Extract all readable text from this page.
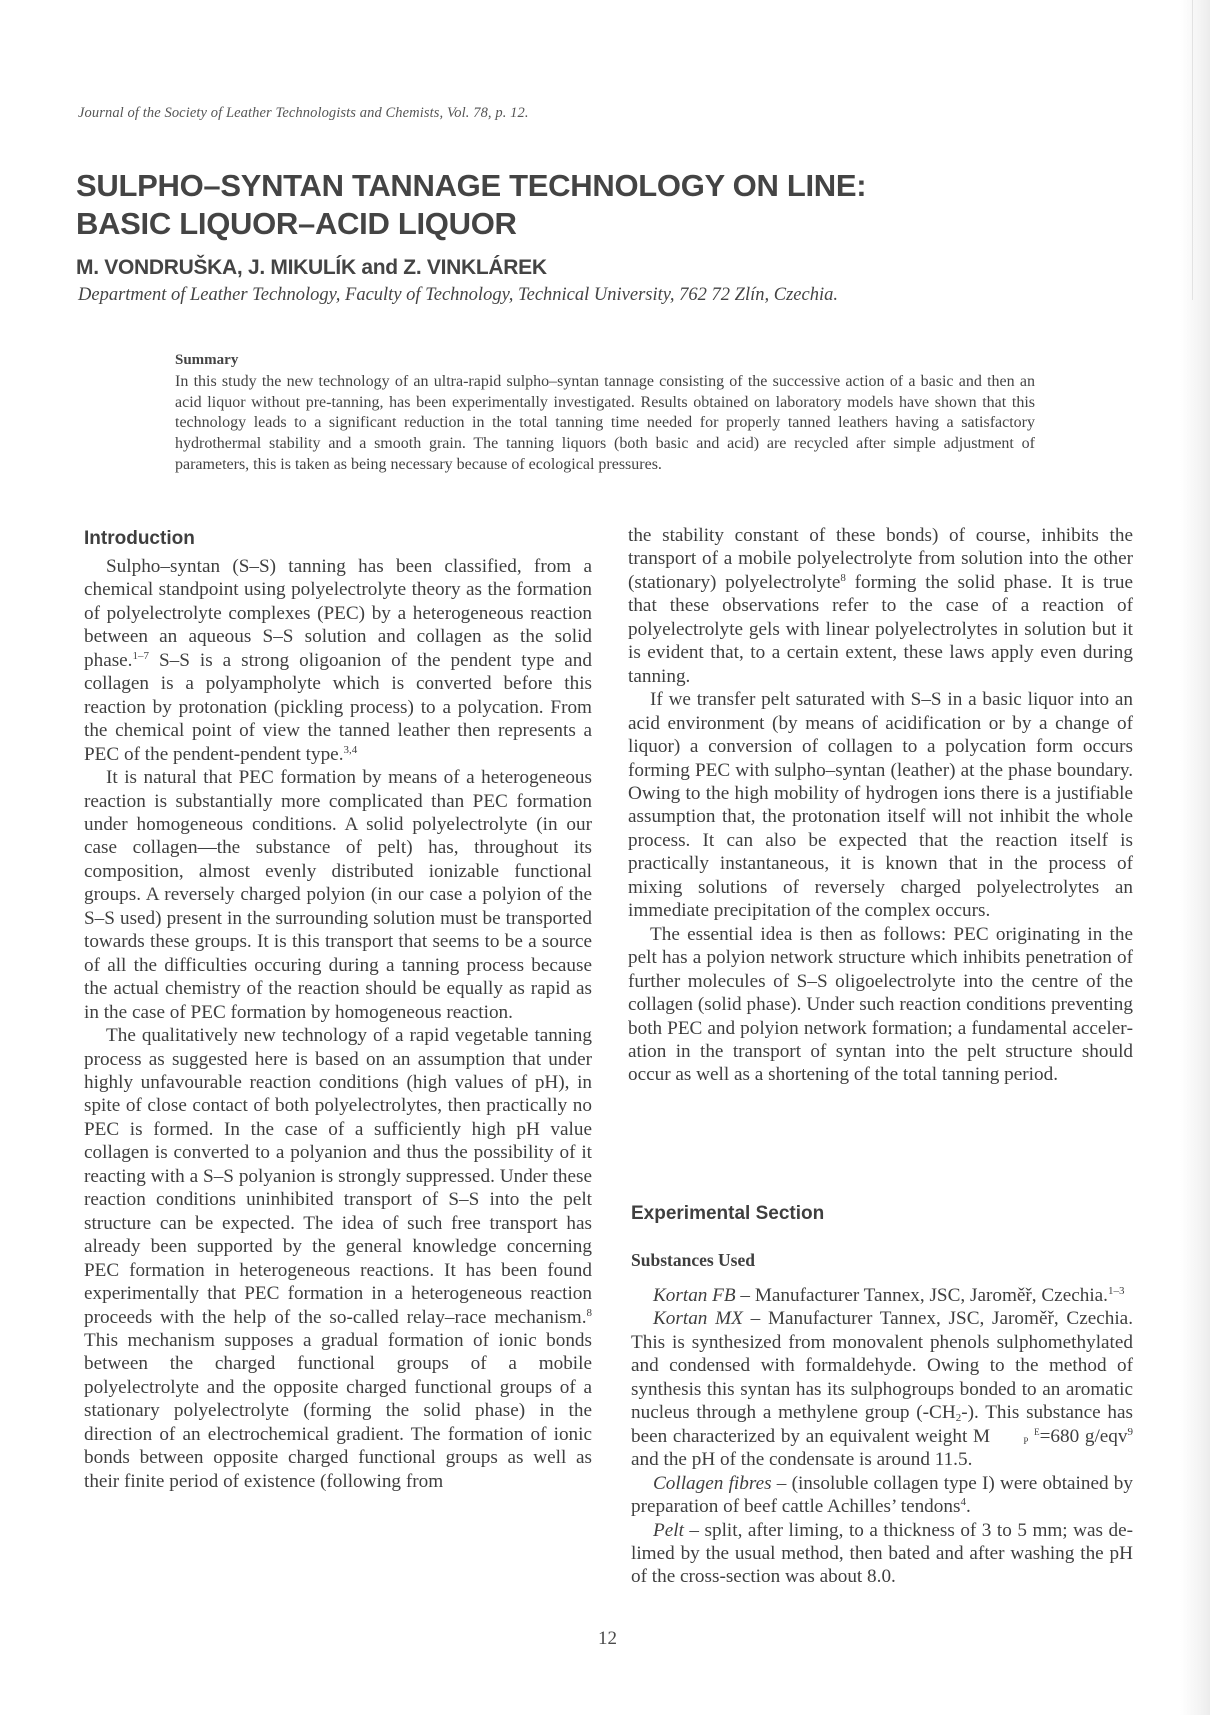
Journal of the Society of Leather Technologists and Chemists, Vol. 78, p. 12.
SULPHO–SYNTAN TANNAGE TECHNOLOGY ON LINE:
BASIC LIQUOR–ACID LIQUOR
M. VONDRUŠKA, J. MIKULÍK and Z. VINKLÁREK
Department of Leather Technology, Faculty of Technology, Technical University, 762 72 Zlín, Czechia.
Summary
In this study the new technology of an ultra-rapid sulpho–syntan tannage consisting of the successive action of a basic and then an acid liquor without pre-tanning, has been experimentally investigated. Results obtained on laboratory models have shown that this technology leads to a significant reduction in the total tanning time needed for properly tanned leathers having a satisfactory hydrothermal stability and a smooth grain. The tanning liquors (both basic and acid) are recycled after simple adjustment of parameters, this is taken as being necessary because of ecological pressures.
Introduction

Sulpho–syntan (S–S) tanning has been classified, from a chemical standpoint using polyelectrolyte theory as the formation of polyelectrolyte complexes (PEC) by a heterogeneous reaction between an aqueous S–S solution and collagen as the solid phase.$^{1-7}$ S–S is a strong oligoanion of the pendent type and collagen is a polyampholyte which is converted before this reaction by protonation (pickling process) to a polycation. From the chemical point of view the tanned leather then represents a PEC of the pendent-pendent type.$^{3,4}$

It is natural that PEC formation by means of a heterogeneous reaction is substantially more complicated than PEC formation under homogeneous conditions. A solid polyelectrolyte (in our case collagen—the substance of pelt) has, throughout its composition, almost evenly distributed ionizable functional groups. A reversely charged polyion (in our case a polyion of the S–S used) present in the surrounding solution must be transported towards these groups. It is this transport that seems to be a source of all the difficulties occuring during a tanning process because the actual chemistry of the reaction should be equally as rapid as in the case of PEC formation by homogeneous reaction.

The qualitatively new technology of a rapid vegetable tanning process as suggested here is based on an assumption that under highly unfavourable reaction conditions (high values of pH), in spite of close contact of both polyelectrolytes, then practically no PEC is formed. In the case of a sufficiently high pH value collagen is converted to a polyanion and thus the possibility of it reacting with a S–S polyanion is strongly suppressed. Under these reaction conditions uninhibited transport of S–S into the pelt structure can be expected. The idea of such free transport has already been supported by the general knowledge concerning PEC formation in heterogeneous reactions. It has been found experimentally that PEC formation in a heterogeneous reaction proceeds with the help of the so-called relay–race mechanism.$^8$ This mechanism supposes a gradual formation of ionic bonds between the charged functional groups of a mobile polyelectrolyte and the opposite charged functional groups of a stationary polyelectrolyte (forming the solid phase) in the direction of an electrochemical gradient. The formation of ionic bonds between opposite charged functional groups as well as their finite period of existence (following from

the stability constant of these bonds) of course, inhibits the transport of a mobile polyelectrolyte from solution into the other (stationary) polyelectrolyte$^8$ forming the solid phase. It is true that these observations refer to the case of a reaction of polyelectrolyte gels with linear polyelectrolytes in solution but it is evident that, to a certain extent, these laws apply even during tanning.

If we transfer pelt saturated with S–S in a basic liquor into an acid environment (by means of acidification or by a change of liquor) a conversion of collagen to a polycation form occurs forming PEC with sulpho–syntan (leather) at the phase boundary. Owing to the high mobility of hydrogen ions there is a justifiable assumption that, the protonation itself will not inhibit the whole process. It can also be expected that the reaction itself is practically instantaneous, it is known that in the process of mixing solutions of reversely charged polyelectrolytes an immediate precipitation of the complex occurs.

The essential idea is then as follows: PEC originating in the pelt has a polyion network structure which inhibits penetration of further molecules of S–S oligoelectrolyte into the centre of the collagen (solid phase). Under such reaction conditions preventing both PEC and polyion network formation; a fundamental acceleration in the transport of syntan into the pelt structure should occur as well as a shortening of the total tanning period.

Experimental Section
Substances Used

Kortan FB – Manufacturer Tannex, JSC, Jaroměř, Czechia.$^{1-3}$

Kortan MX – Manufacturer Tannex, JSC, Jaroměř, Czechia. This is synthesized from monovalent phenols sulphomethylated and condensed with formaldehyde. Owing to the method of synthesis this syntan has its sulphogroups bonded to an aromatic nucleus through a methylene group $(-CH_2-)$. This substance has been characterized by an equivalent weight M	E
P =680 g/eqv$^9$ and the pH of the condensate is around 11.5.

Collagen fibres – (insoluble collagen type I) were obtained by preparation of beef cattle Achilles’ tendons$^4$.

Pelt – split, after liming, to a thickness of 3 to 5 mm; was de-limed by the usual method, then bated and after washing the pH of the cross-section was about 8.0.

12
